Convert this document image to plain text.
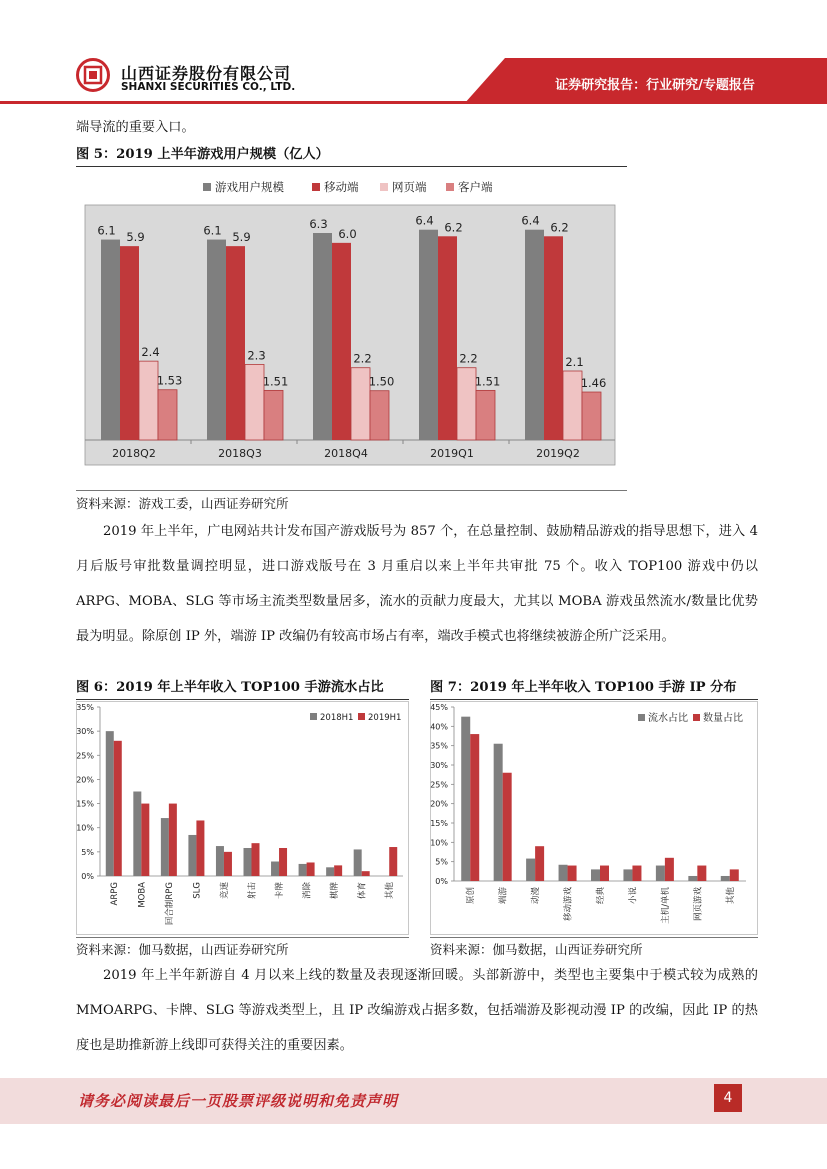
山西证券股份有限公司
SHANXI SECURITIES CO., LTD.	证券研究报告：行业研究/专题报告
端导流的重要入口。
图 5：2019 上半年游戏用户规模（亿人）
游戏用户规模	移动端	网页端	客户端
6.1 5.9
2.4
1.53
2018Q2
6.1 5.9
2.3
1.51
2018Q3
6.3
6.0
2.2
1.50
2018Q4
6.4 6.2
2.2
1.51
2019Q1
6.4 6.2
2.1
1.46
2019Q2
资料来源：游戏工委，山西证券研究所
2019 年上半年，广电网站共计发布国产游戏版号为 857 个，在总量控制、鼓励精品游戏的指导思想下，进入 4 月后版号审批数量调控明显，进口游戏版号在 3 月重启以来上半年共审批 75 个。收入 TOP100 游戏中仍以 ARPG、MOBA、SLG 等市场主流类型数量居多，流水的贡献力度最大，尤其以 MOBA 游戏虽然流水/数量比优势最为明显。除原创 IP 外，端游 IP 改编仍有较高市场占有率，端改手模式也将继续被游企所广泛采用。
图 6：2019 年上半年收入 TOP100 手游流水占比
0%
5%
10%
15%
20%
25%
30%
35%
2018H1 2019H1
ARPG MOBA 回合制RPG SLG 竞速 射击 卡牌 消除 棋牌 体育 其他
资料来源：伽马数据，山西证券研究所
图 7：2019 年上半年收入 TOP100 手游 IP 分布
0%
5%
10%
15%
20%
25%
30%
35%
40%
45%
流水占比 数量占比
原创	端游	动漫	移动游戏	经典	小说	主机/单机	网页游戏	其他
资料来源：伽马数据，山西证券研究所
2019 年上半年新游自 4 月以来上线的数量及表现逐渐回暖。头部新游中，类型也主要集中于模式较为成熟的 MMOARPG、卡牌、SLG 等游戏类型上，且 IP 改编游戏占据多数，包括端游及影视动漫 IP 的改编，因此 IP 的热度也是助推新游上线即可获得关注的重要因素。
请务必阅读最后一页股票评级说明和免责声明	4
